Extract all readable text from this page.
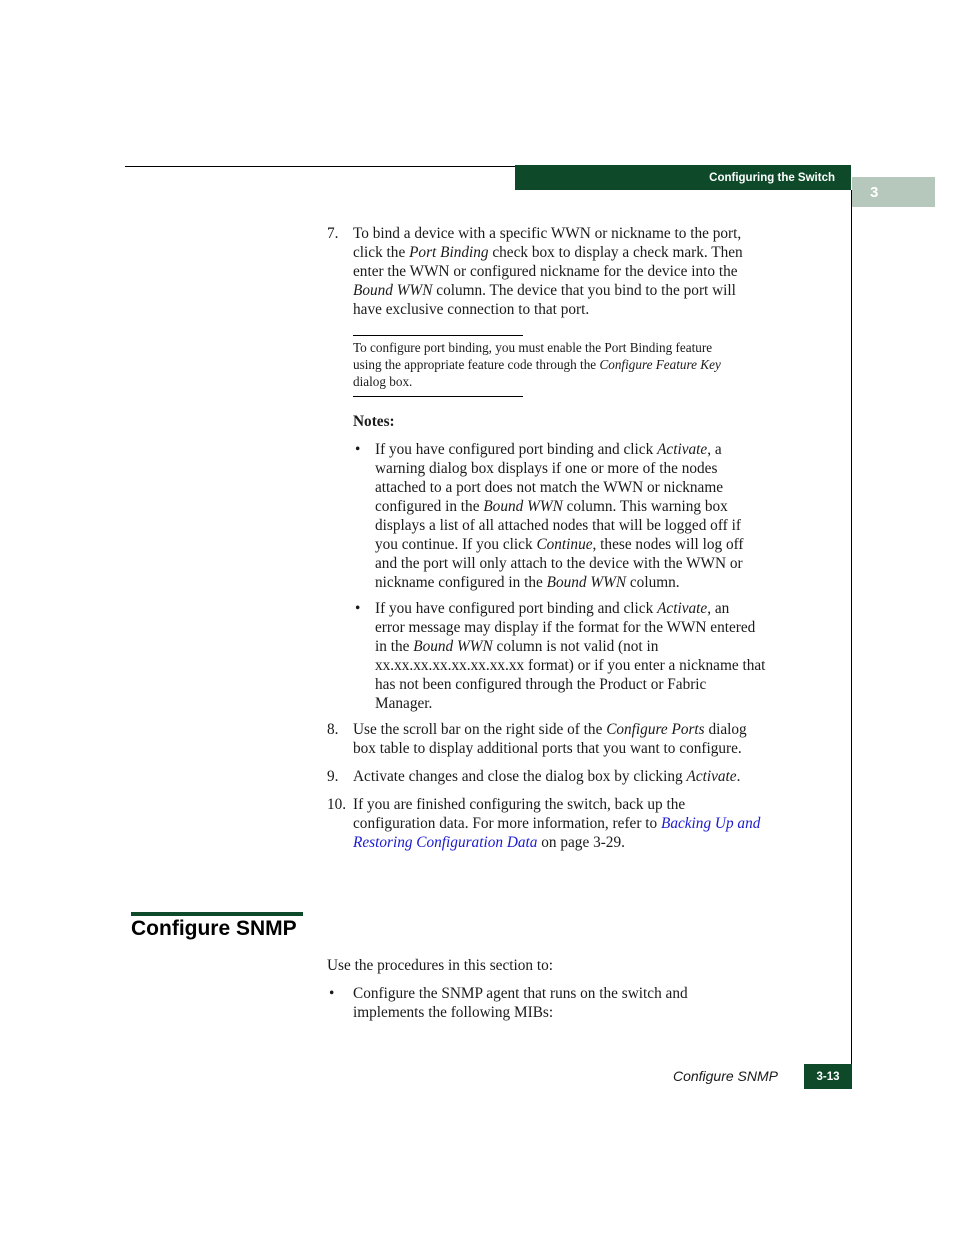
Configuring the Switch
3
7. To bind a device with a specific WWN or nickname to the port,
click the Port Binding check box to display a check mark. Then
enter the WWN or configured nickname for the device into the
Bound WWN column. The device that you bind to the port will
have exclusive connection to that port.
To configure port binding, you must enable the Port Binding feature
using the appropriate feature code through the Configure Feature Key
dialog box.
Notes:
• If you have configured port binding and click Activate, a
warning dialog box displays if one or more of the nodes
attached to a port does not match the WWN or nickname
configured in the Bound WWN column. This warning box
displays a list of all attached nodes that will be logged off if
you continue. If you click Continue, these nodes will log off
and the port will only attach to the device with the WWN or
nickname configured in the Bound WWN column.
• If you have configured port binding and click Activate, an
error message may display if the format for the WWN entered
in the Bound WWN column is not valid (not in
xx.xx.xx.xx.xx.xx.xx.xx format) or if you enter a nickname that
has not been configured through the Product or Fabric
Manager.
8. Use the scroll bar on the right side of the Configure Ports dialog
box table to display additional ports that you want to configure.
9. Activate changes and close the dialog box by clicking Activate.
10. If you are finished configuring the switch, back up the
configuration data. For more information, refer to Backing Up and
Restoring Configuration Data on page 3-29.
Configure SNMP
Use the procedures in this section to:
• Configure the SNMP agent that runs on the switch and
implements the following MIBs:
Configure SNMP	3-13
